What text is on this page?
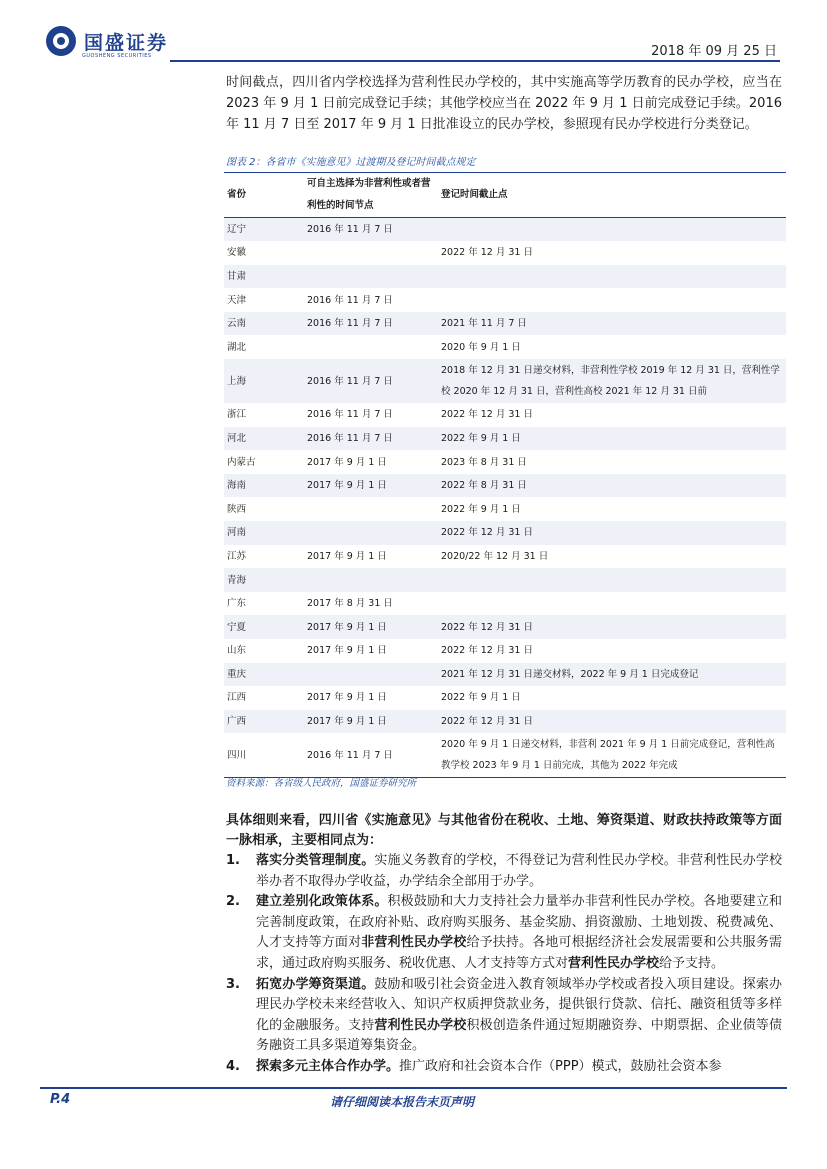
国盛证券
GUOSHENG SECURITIES	2018 年 09 月 25 日
时间截点，四川省内学校选择为营利性民办学校的，其中实施高等学历教育的民办学校，应当在 2023 年 9 月 1 日前完成登记手续；其他学校应当在 2022 年 9 月 1 日前完成登记手续。2016 年 11 月 7 日至 2017 年 9 月 1 日批准设立的民办学校，参照现有民办学校进行分类登记。
图表 2：各省市《实施意见》过渡期及登记时间截点规定
省份	可自主选择为非营利性或者营利性的时间节点	登记时间截止点
辽宁	2016 年 11 月 7 日	
安徽		2022 年 12 月 31 日
甘肃		
天津	2016 年 11 月 7 日	
云南	2016 年 11 月 7 日	2021 年 11 月 7 日
湖北		2020 年 9 月 1 日
上海	2016 年 11 月 7 日	2018 年 12 月 31 日递交材料，非营利性学校 2019 年 12 月 31 日，营利性学校 2020 年 12 月 31 日，营利性高校 2021 年 12 月 31 日前
浙江	2016 年 11 月 7 日	2022 年 12 月 31 日
河北	2016 年 11 月 7 日	2022 年 9 月 1 日
内蒙古	2017 年 9 月 1 日	2023 年 8 月 31 日
海南	2017 年 9 月 1 日	2022 年 8 月 31 日
陕西		2022 年 9 月 1 日
河南		2022 年 12 月 31 日
江苏	2017 年 9 月 1 日	2020/22 年 12 月 31 日
青海		
广东	2017 年 8 月 31 日	
宁夏	2017 年 9 月 1 日	2022 年 12 月 31 日
山东	2017 年 9 月 1 日	2022 年 12 月 31 日
重庆		2021 年 12 月 31 日递交材料，2022 年 9 月 1 日完成登记
江西	2017 年 9 月 1 日	2022 年 9 月 1 日
广西	2017 年 9 月 1 日	2022 年 12 月 31 日
四川	2016 年 11 月 7 日	2020 年 9 月 1 日递交材料，非营利 2021 年 9 月 1 日前完成登记，营利性高教学校 2023 年 9 月 1 日前完成，其他为 2022 年完成
资料来源：各省级人民政府，国盛证券研究所
具体细则来看，四川省《实施意见》与其他省份在税收、土地、筹资渠道、财政扶持政策等方面一脉相承，主要相同点为：
1. 落实分类管理制度。实施义务教育的学校，不得登记为营利性民办学校。非营利性民办学校举办者不取得办学收益，办学结余全部用于办学。
2. 建立差别化政策体系。积极鼓励和大力支持社会力量举办非营利性民办学校。各地要建立和完善制度政策，在政府补贴、政府购买服务、基金奖励、捐资激励、土地划拨、税费减免、人才支持等方面对非营利性民办学校给予扶持。各地可根据经济社会发展需要和公共服务需求，通过政府购买服务、税收优惠、人才支持等方式对营利性民办学校给予支持。
3. 拓宽办学筹资渠道。鼓励和吸引社会资金进入教育领域举办学校或者投入项目建设。探索办理民办学校未来经营收入、知识产权质押贷款业务，提供银行贷款、信托、融资租赁等多样化的金融服务。支持营利性民办学校积极创造条件通过短期融资券、中期票据、企业债等债务融资工具多渠道筹集资金。
4. 探索多元主体合作办学。推广政府和社会资本合作（PPP）模式，鼓励社会资本参
P.4	请仔细阅读本报告末页声明
